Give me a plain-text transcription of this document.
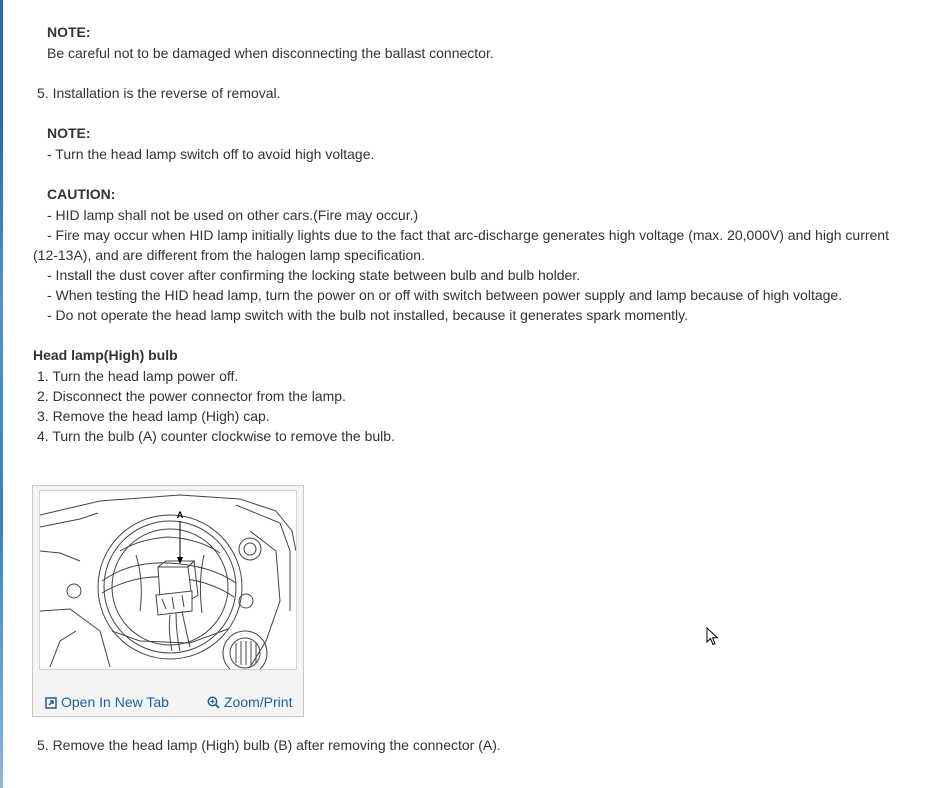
NOTE:
Be careful not to be damaged when disconnecting the ballast connector.
5. Installation is the reverse of removal.
NOTE:
- Turn the head lamp switch off to avoid high voltage.
CAUTION:
- HID lamp shall not be used on other cars.(Fire may occur.)
- Fire may occur when HID lamp initially lights due to the fact that arc-discharge generates high voltage (max. 20,000V) and high current
(12-13A), and are different from the halogen lamp specification.
- Install the dust cover after confirming the locking state between bulb and bulb holder.
- When testing the HID head lamp, turn the power on or off with switch between power supply and lamp because of high voltage.
- Do not operate the head lamp switch with the bulb not installed, because it generates spark momently.
Head lamp(High) bulb
1. Turn the head lamp power off.
2. Disconnect the power connector from the lamp.
3. Remove the head lamp (High) cap.
4. Turn the bulb (A) counter clockwise to remove the bulb.
A
Open In New Tab	Zoom/Print
5. Remove the head lamp (High) bulb (B) after removing the connector (A).
